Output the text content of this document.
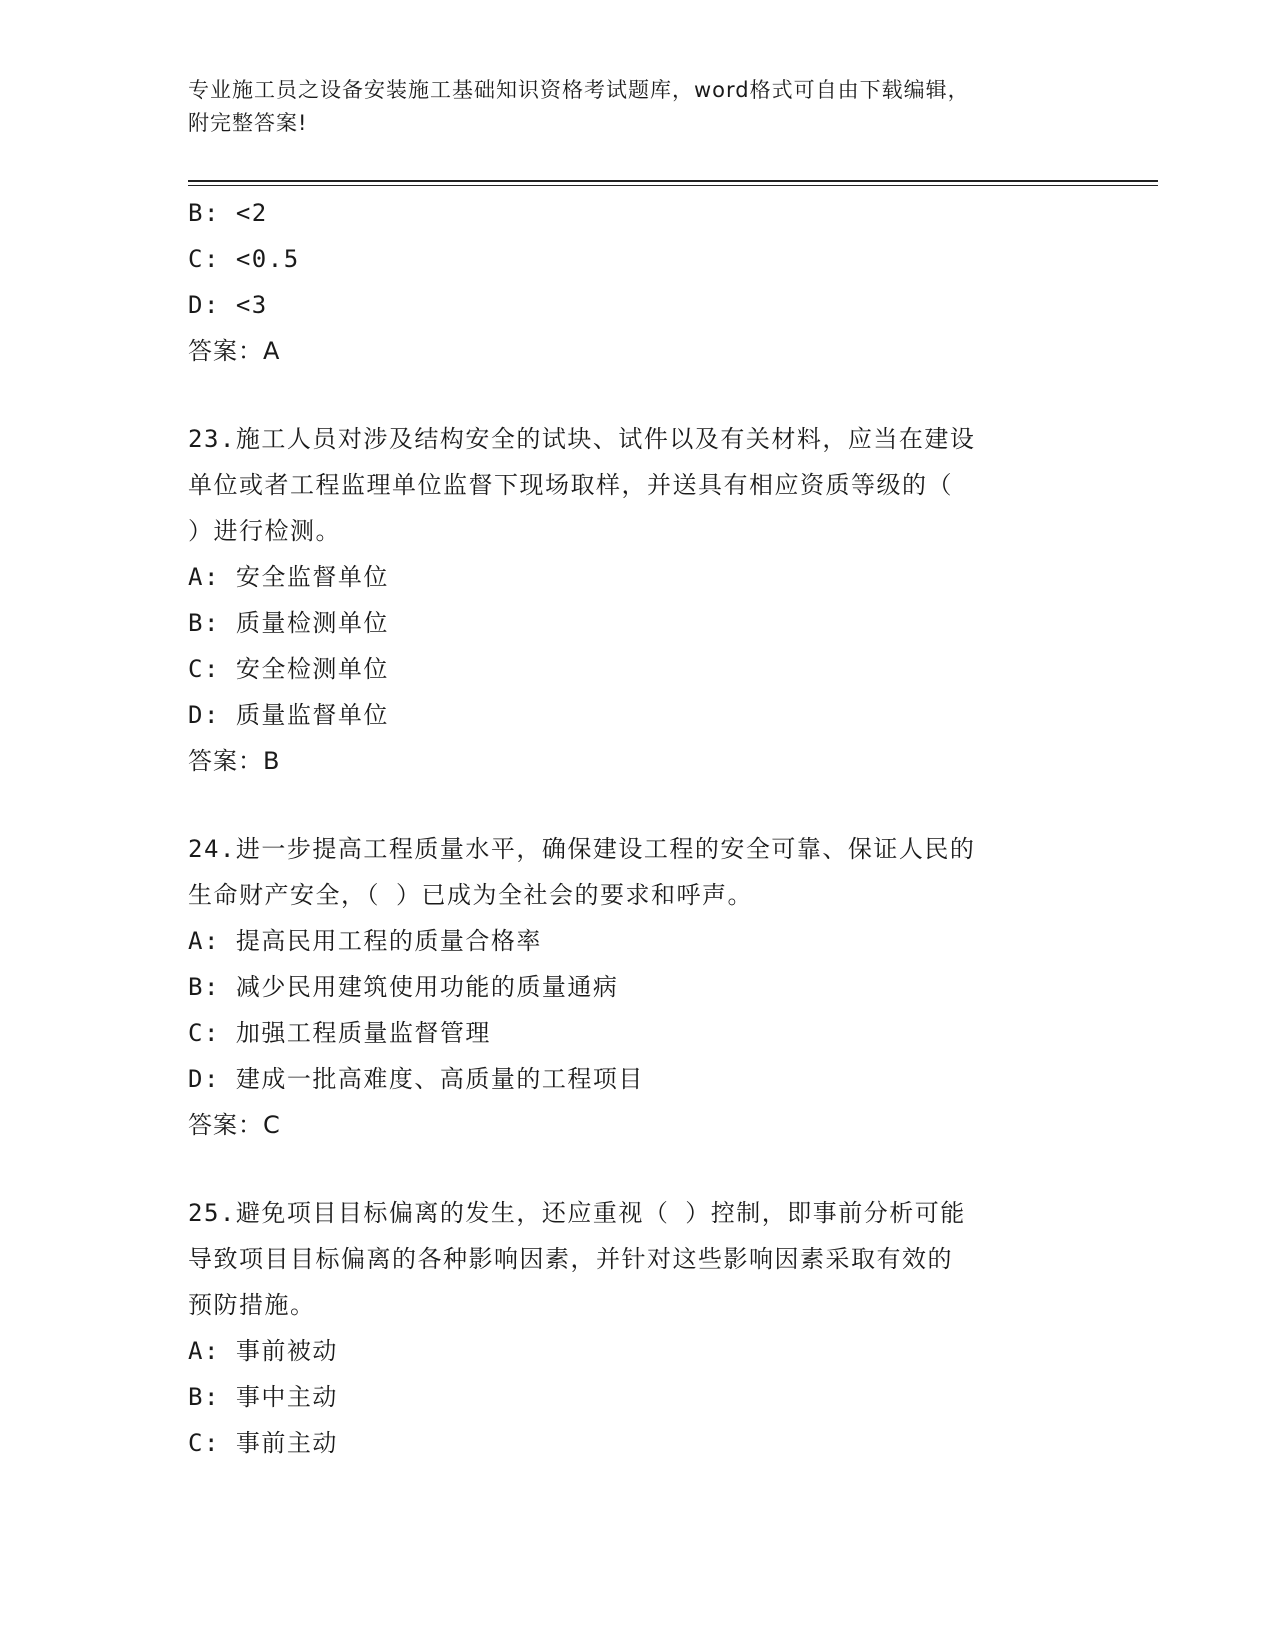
专业施工员之设备安装施工基础知识资格考试题库，word格式可自由下载编辑，
附完整答案!
B: <2
C: <0.5
D: <3
答案：A
23.施工人员对涉及结构安全的试块、试件以及有关材料，应当在建设
单位或者工程监理单位监督下现场取样，并送具有相应资质等级的（
）进行检测。
A: 安全监督单位
B: 质量检测单位
C: 安全检测单位
D: 质量监督单位
答案：B
24.进一步提高工程质量水平，确保建设工程的安全可靠、保证人民的
生命财产安全，（ ）已成为全社会的要求和呼声。
A: 提高民用工程的质量合格率
B: 减少民用建筑使用功能的质量通病
C: 加强工程质量监督管理
D: 建成一批高难度、高质量的工程项目
答案：C
25.避免项目目标偏离的发生，还应重视（ ）控制，即事前分析可能
导致项目目标偏离的各种影响因素，并针对这些影响因素采取有效的
预防措施。
A: 事前被动
B: 事中主动
C: 事前主动
